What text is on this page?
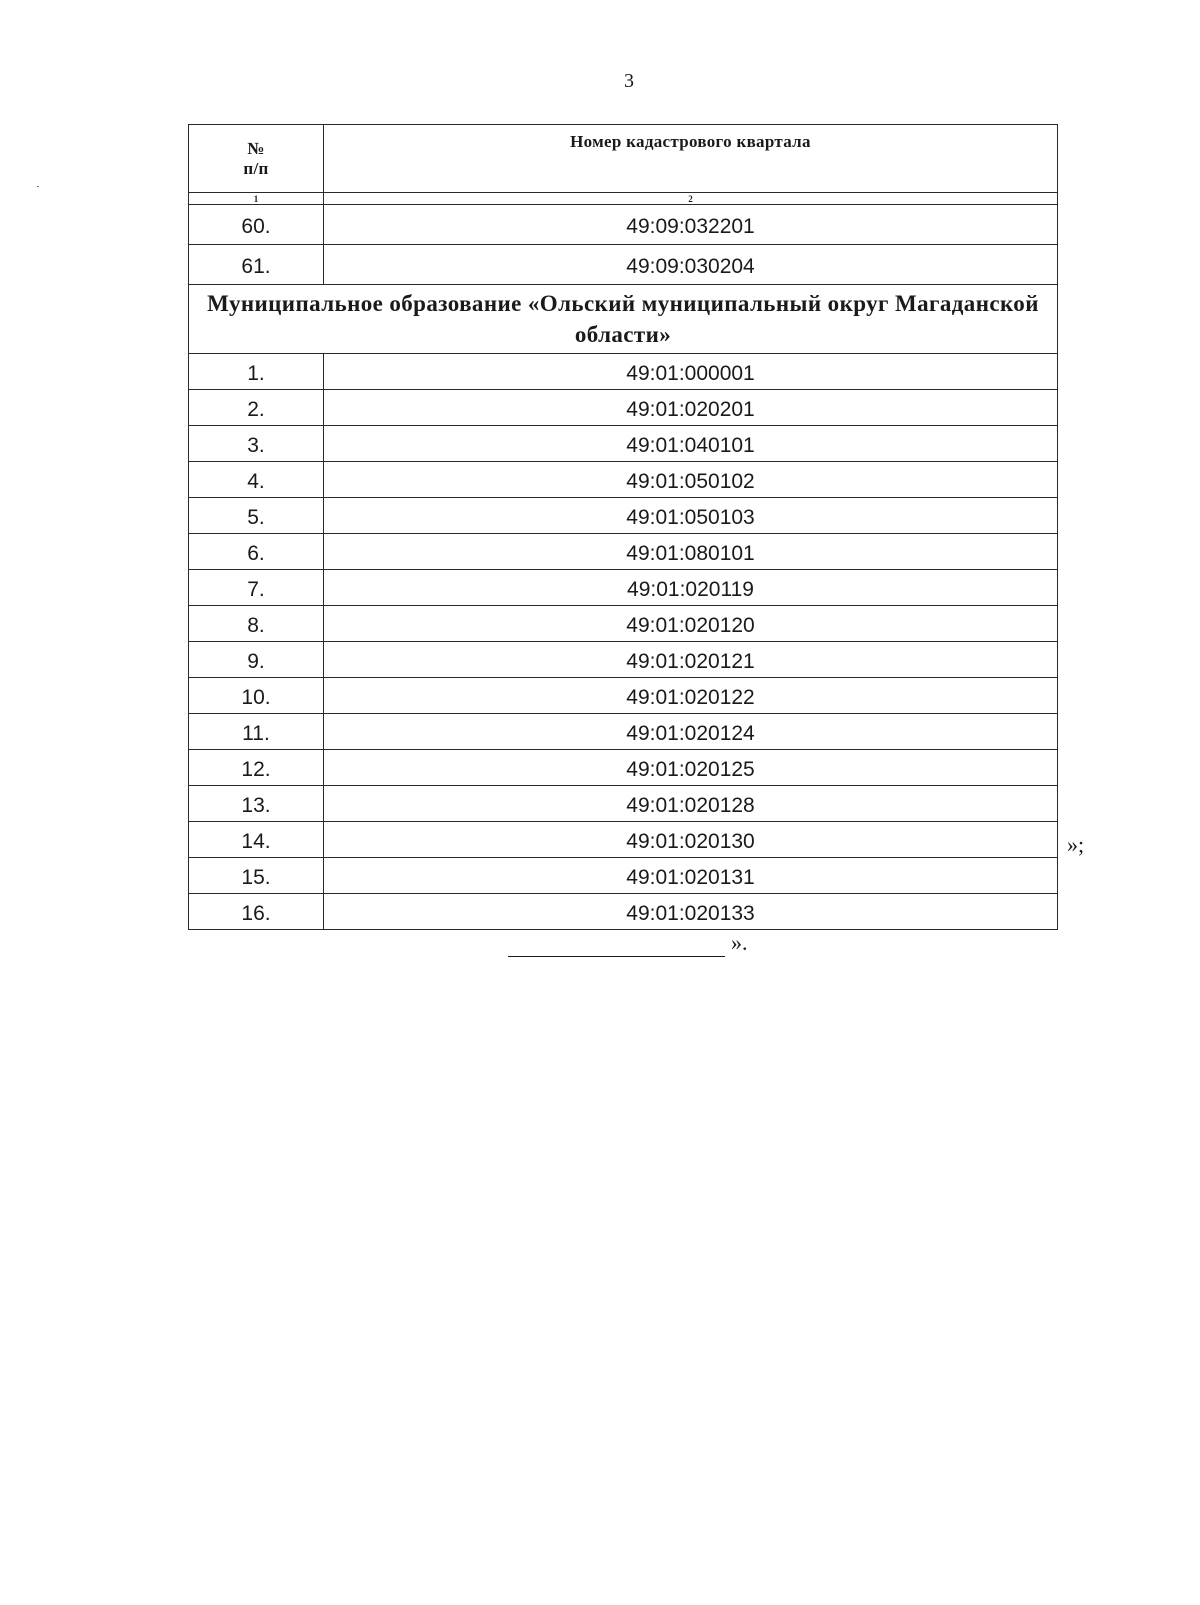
3
№
п/п	Номер кадастрового квартала
1	2
60.	49:09:032201
61.	49:09:030204
Муниципальное образование «Ольский муниципальный округ Магаданской области»	
1.	49:01:000001
2.	49:01:020201
3.	49:01:040101
4.	49:01:050102
5.	49:01:050103
6.	49:01:080101
7.	49:01:020119
8.	49:01:020120
9.	49:01:020121
10.	49:01:020122
11.	49:01:020124
12.	49:01:020125
13.	49:01:020128
14.	49:01:020130
15.	49:01:020131
16.	49:01:020133
»;
».
